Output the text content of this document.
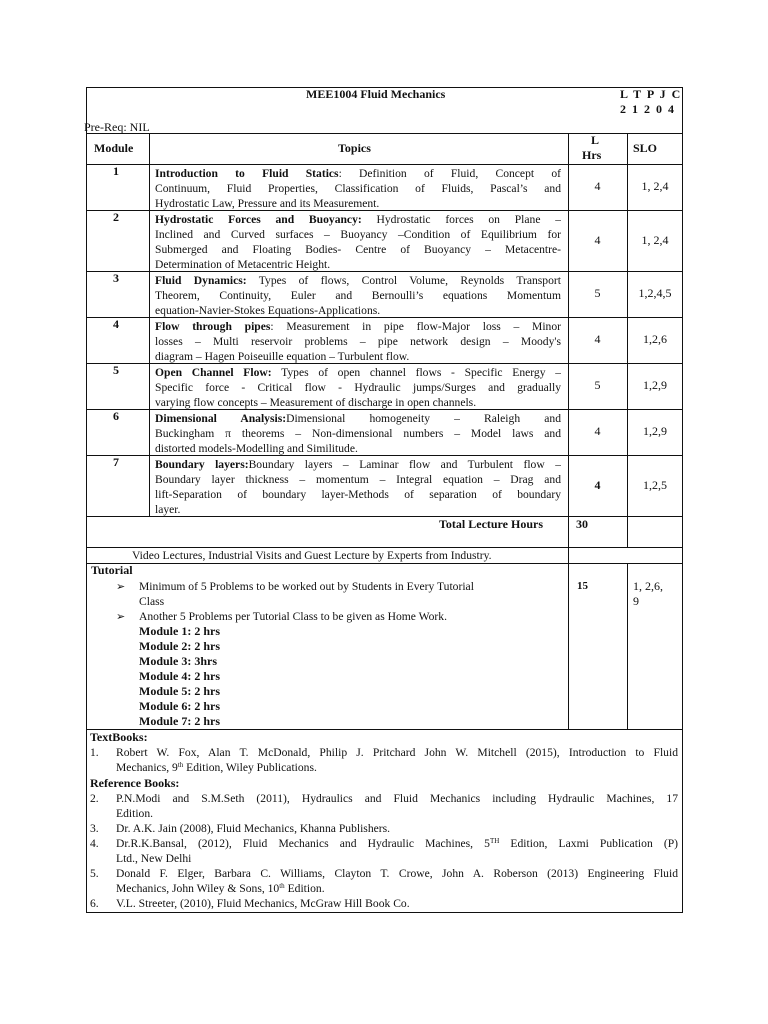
MEE1004 Fluid Mechanics	L T P J C
2 1 2 0 4
Pre-Req: NIL
Module	Topics
L
Hrs	SLO
1	Introduction to Fluid Statics: Definition of Fluid, Concept of
Continuum, Fluid Properties, Classification of Fluids, Pascal’s and
Hydrostatic Law, Pressure and its Measurement.
4	1, 2,4
2	Hydrostatic Forces and Buoyancy: Hydrostatic forces on Plane –
Inclined and Curved surfaces – Buoyancy –Condition of Equilibrium for
Submerged and Floating Bodies- Centre of Buoyancy – Metacentre-
Determination of Metacentric Height.
4	1, 2,4
3	Fluid Dynamics: Types of flows, Control Volume, Reynolds Transport
Theorem, Continuity, Euler and Bernoulli’s equations Momentum
equation-Navier-Stokes Equations-Applications.
5	1,2,4,5
4	Flow through pipes: Measurement in pipe flow-Major loss – Minor
losses – Multi reservoir problems – pipe network design – Moody's
diagram – Hagen Poiseuille equation – Turbulent flow.
4	1,2,6
5	Open Channel Flow: Types of open channel flows - Specific Energy –
Specific force - Critical flow - Hydraulic jumps/Surges and gradually
varying flow concepts – Measurement of discharge in open channels.
5	1,2,9
6	Dimensional Analysis:Dimensional homogeneity – Raleigh and
Buckingham π theorems – Non-dimensional numbers – Model laws and
distorted models-Modelling and Similitude.
4	1,2,9
7	Boundary layers:Boundary layers – Laminar flow and Turbulent flow –
Boundary layer thickness – momentum – Integral equation – Drag and
lift-Separation of boundary layer-Methods of separation of boundary
layer.
4	1,2,5
Total Lecture Hours	30
Video Lectures, Industrial Visits and Guest Lecture by Experts from Industry.
Tutorial
➢ Minimum of 5 Problems to be worked out by Students in Every Tutorial
Class
➢ Another 5 Problems per Tutorial Class to be given as Home Work.
Module 1: 2 hrs
Module 2: 2 hrs
Module 3: 3hrs
Module 4: 2 hrs
Module 5: 2 hrs
Module 6: 2 hrs
Module 7: 2 hrs
15	1, 2,6,
9
TextBooks:
1. Robert W. Fox, Alan T. McDonald, Philip J. Pritchard John W. Mitchell (2015), Introduction to Fluid
Mechanics, 9th Edition, Wiley Publications.
Reference Books:
2. P.N.Modi and S.M.Seth (2011), Hydraulics and Fluid Mechanics including Hydraulic Machines, 17
Edition.
3. Dr. A.K. Jain (2008), Fluid Mechanics, Khanna Publishers.
4. Dr.R.K.Bansal, (2012), Fluid Mechanics and Hydraulic Machines, 5TH Edition, Laxmi Publication (P)
Ltd., New Delhi
5. Donald F. Elger, Barbara C. Williams, Clayton T. Crowe, John A. Roberson (2013) Engineering Fluid
Mechanics, John Wiley & Sons, 10th Edition.
6. V.L. Streeter, (2010), Fluid Mechanics, McGraw Hill Book Co.
